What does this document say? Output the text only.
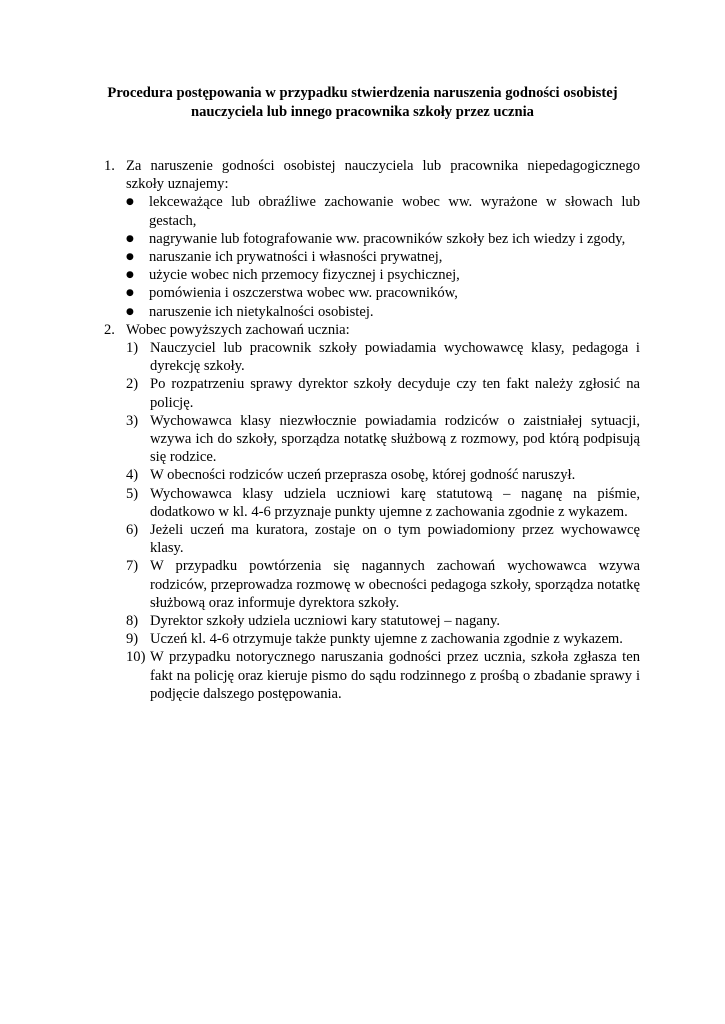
Procedura postępowania w przypadku stwierdzenia naruszenia godności osobistej
nauczyciela lub innego pracownika szkoły przez ucznia
1. Za naruszenie godności osobistej nauczyciela lub pracownika niepedagogicznego szkoły uznajemy:
●	lekceważące lub obraźliwe zachowanie wobec ww. wyrażone w słowach lub gestach,
●	nagrywanie lub fotografowanie ww. pracowników szkoły bez ich wiedzy i zgody,
●	naruszanie ich prywatności i własności prywatnej,
●	użycie wobec nich przemocy fizycznej i psychicznej,
●	pomówienia i oszczerstwa wobec ww. pracowników,
●	naruszenie ich nietykalności osobistej.
2. Wobec powyższych zachowań ucznia:
1) Nauczyciel lub pracownik szkoły powiadamia wychowawcę klasy, pedagoga i dyrekcję szkoły.
2) Po rozpatrzeniu sprawy dyrektor szkoły decyduje czy ten fakt należy zgłosić na policję.
3) Wychowawca klasy niezwłocznie powiadamia rodziców o zaistniałej sytuacji, wzywa ich do szkoły, sporządza notatkę służbową z rozmowy, pod którą podpisują się rodzice.
4) W obecności rodziców uczeń przeprasza osobę, której godność naruszył.
5) Wychowawca klasy udziela uczniowi karę statutową – naganę na piśmie, dodatkowo w kl. 4-6 przyznaje punkty ujemne z zachowania zgodnie z wykazem.
6) Jeżeli uczeń ma kuratora, zostaje on o tym powiadomiony przez wychowawcę klasy.
7) W przypadku powtórzenia się nagannych zachowań wychowawca wzywa rodziców, przeprowadza rozmowę w obecności pedagoga szkoły, sporządza notatkę służbową oraz informuje dyrektora szkoły.
8) Dyrektor szkoły udziela uczniowi kary statutowej – nagany.
9) Uczeń kl. 4-6 otrzymuje także punkty ujemne z zachowania zgodnie z wykazem.
10) W przypadku notorycznego naruszania godności przez ucznia, szkoła zgłasza ten fakt na policję oraz kieruje pismo do sądu rodzinnego z prośbą o zbadanie sprawy i podjęcie dalszego postępowania.
